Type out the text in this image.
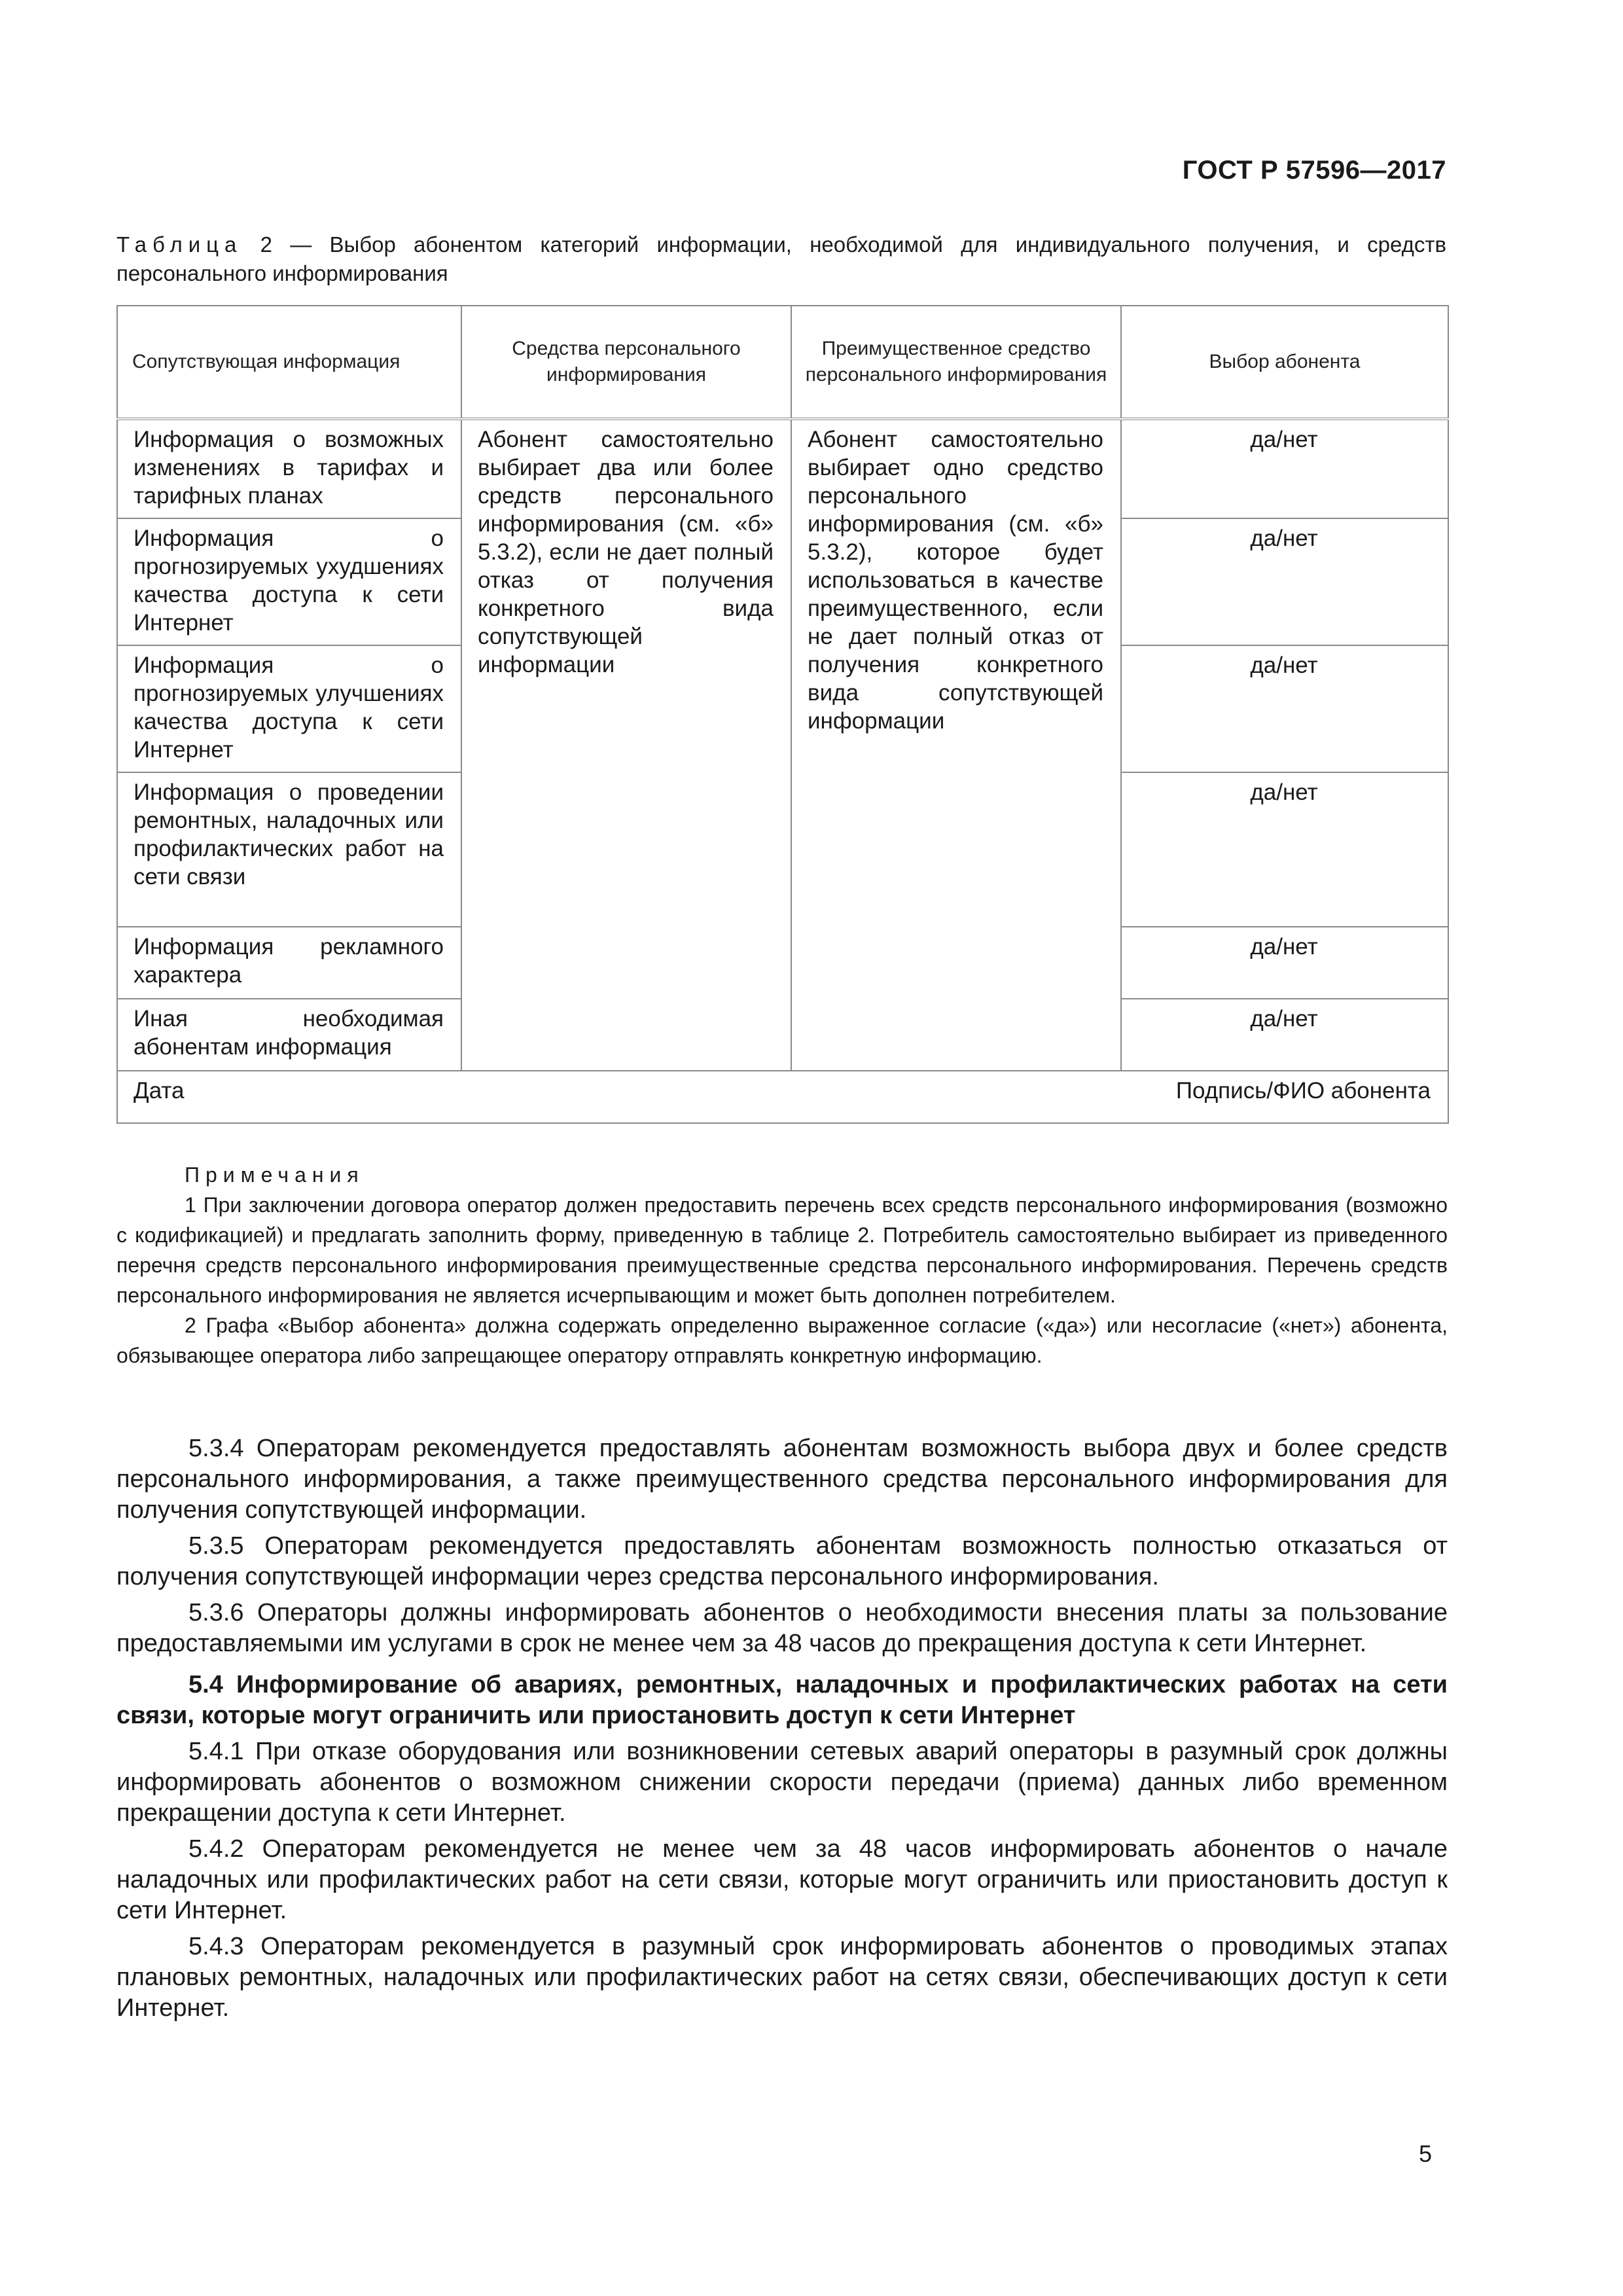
ГОСТ Р 57596—2017
Таблица 2 — Выбор абонентом категорий информации, необходимой для индивидуального получения, и средств персонального информирования
Сопутствующая информация	Средства персонального информирования	Преимущественное средство персонального информирования	Выбор абонента
Информация о возможных изменениях в тарифах и тарифных планах	Абонент самостоятельно выбирает два или более средств персонального информирования (см. «б» 5.3.2), если не дает полный отказ от получения конкретного вида сопутствующей информации	Абонент самостоятельно выбирает одно средство персонального информирования (см. «б» 5.3.2), которое будет использоваться в качестве преимущественного, если не дает полный отказ от получения конкретного вида сопутствующей информации	да/нет
Информация о прогнозируемых ухудшениях качества доступа к сети Интернет			да/нет
Информация о прогнозируемых улучшениях качества доступа к сети Интернет			да/нет
Информация о проведении ремонтных, наладочных или профилактических работ на сети связи			да/нет
Информация рекламного характера			да/нет
Иная необходимая абонентам информация			да/нет

Дата Подпись/ФИО абонента			
Примечания

1 При заключении договора оператор должен предоставить перечень всех средств персонального информирования (возможно с кодификацией) и предлагать заполнить форму, приведенную в таблице 2. Потребитель самостоятельно выбирает из приведенного перечня средств персонального информирования преимущественные средства персонального информирования. Перечень средств персонального информирования не является исчерпывающим и может быть дополнен потребителем.

2 Графа «Выбор абонента» должна содержать определенно выраженное согласие («да») или несогласие («нет») абонента, обязывающее оператора либо запрещающее оператору отправлять конкретную информацию.

5.3.4 Операторам рекомендуется предоставлять абонентам возможность выбора двух и более средств персонального информирования, а также преимущественного средства персонального информирования для получения сопутствующей информации.

5.3.5 Операторам рекомендуется предоставлять абонентам возможность полностью отказаться от получения сопутствующей информации через средства персонального информирования.

5.3.6 Операторы должны информировать абонентов о необходимости внесения платы за пользование предоставляемыми им услугами в срок не менее чем за 48 часов до прекращения доступа к сети Интернет.

5.4 Информирование об авариях, ремонтных, наладочных и профилактических работах на сети связи, которые могут ограничить или приостановить доступ к сети Интернет

5.4.1 При отказе оборудования или возникновении сетевых аварий операторы в разумный срок должны информировать абонентов о возможном снижении скорости передачи (приема) данных либо временном прекращении доступа к сети Интернет.

5.4.2 Операторам рекомендуется не менее чем за 48 часов информировать абонентов о начале наладочных или профилактических работ на сети связи, которые могут ограничить или приостановить доступ к сети Интернет.

5.4.3 Операторам рекомендуется в разумный срок информировать абонентов о проводимых этапах плановых ремонтных, наладочных или профилактических работ на сетях связи, обеспечивающих доступ к сети Интернет.

5
